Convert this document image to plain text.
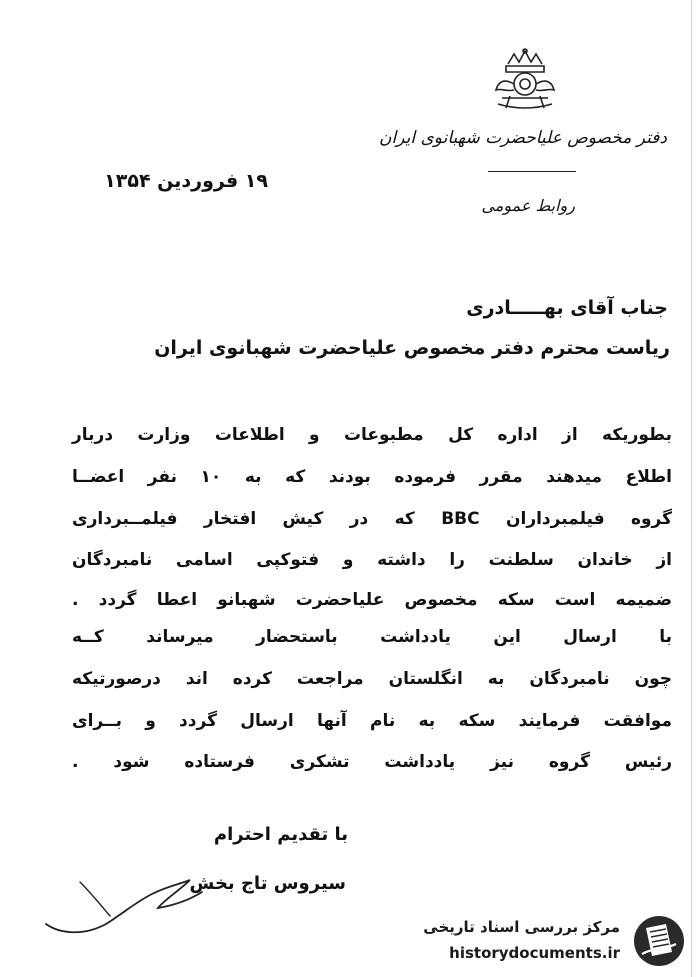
دفتر مخصوص علیاحضرت شهبانوی ایران
روابط عمومی
۱۹ فروردین ۱۳۵۴
جناب آقای بهـــــادری
ریاست محترم دفتر مخصوص علیاحضرت شهبانوی ایران
بطوریکه از اداره کل مطبوعات و اطلاعات وزارت دربار
اطلاع میدهند مقرر فرموده بودند که به ۱۰ نفر اعضــا
گروه فیلمبرداران BBC که در کیش افتخار فیلمــبرداری
از خاندان سلطنت را داشته و فتوکپی اسامی نامبردگان
ضمیمه است سکه مخصوص علیاحضرت شهبانو اعطا گردد .
با ارسال این یادداشت باستحضار میرساند کــه
چون نامبردگان به انگلستان مراجعت کرده اند درصورتیکه
موافقت فرمایند سکه به نام آنها ارسال گردد و بــرای
رئیس گروه نیز یادداشت تشکری فرستاده شود .
با تقدیم احترام
سیروس تاج بخش
مرکز بررسی اسناد تاریخی
historydocuments.ir
